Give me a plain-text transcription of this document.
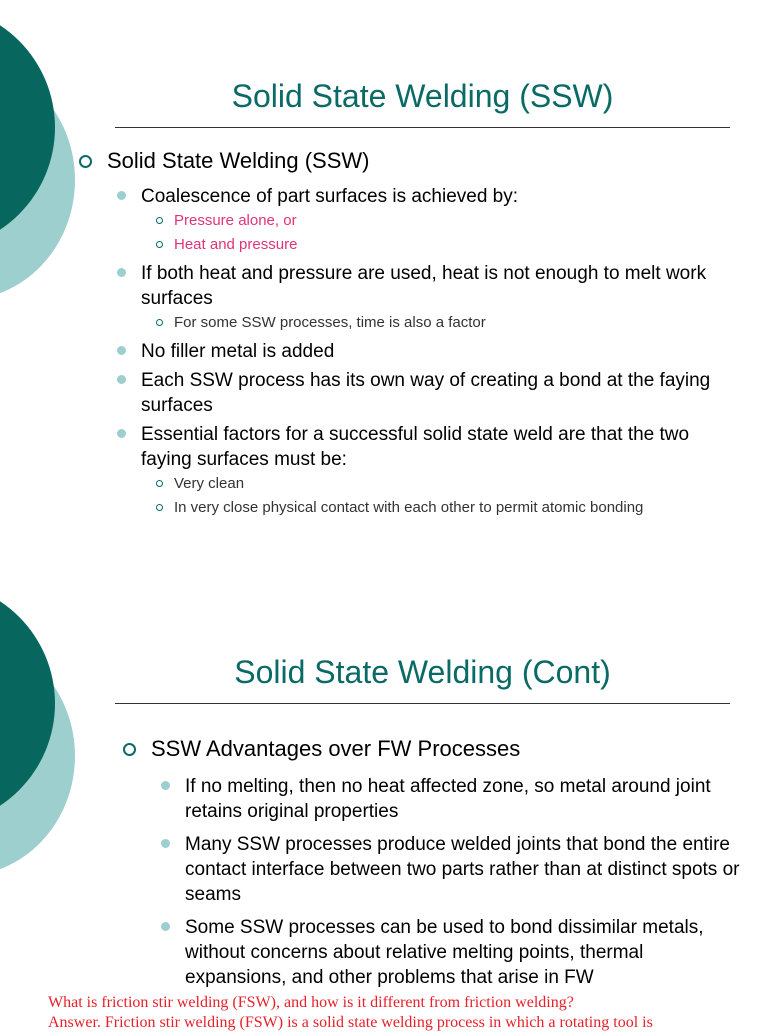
Solid State Welding (SSW)
Solid State Welding (SSW)
Coalescence of part surfaces is achieved by:
Pressure alone, or
Heat and pressure
If both heat and pressure are used, heat is not enough to melt work surfaces
For some SSW processes, time is also a factor
No filler metal is added
Each SSW process has its own way of creating a bond at the faying surfaces
Essential factors for a successful solid state weld are that the two faying surfaces must be:
Very clean
In very close physical contact with each other to permit atomic bonding
Solid State Welding (Cont)
SSW Advantages over FW Processes
If no melting, then no heat affected zone, so metal around joint retains original properties
Many SSW processes produce welded joints that bond the entire contact interface between two parts rather than at distinct spots or seams
Some SSW processes can be used to bond dissimilar metals, without concerns about relative melting points, thermal expansions, and other problems that arise in FW
What is friction stir welding (FSW), and how is it different from friction welding?
Answer. Friction stir welding (FSW) is a solid state welding process in which a rotating tool is
